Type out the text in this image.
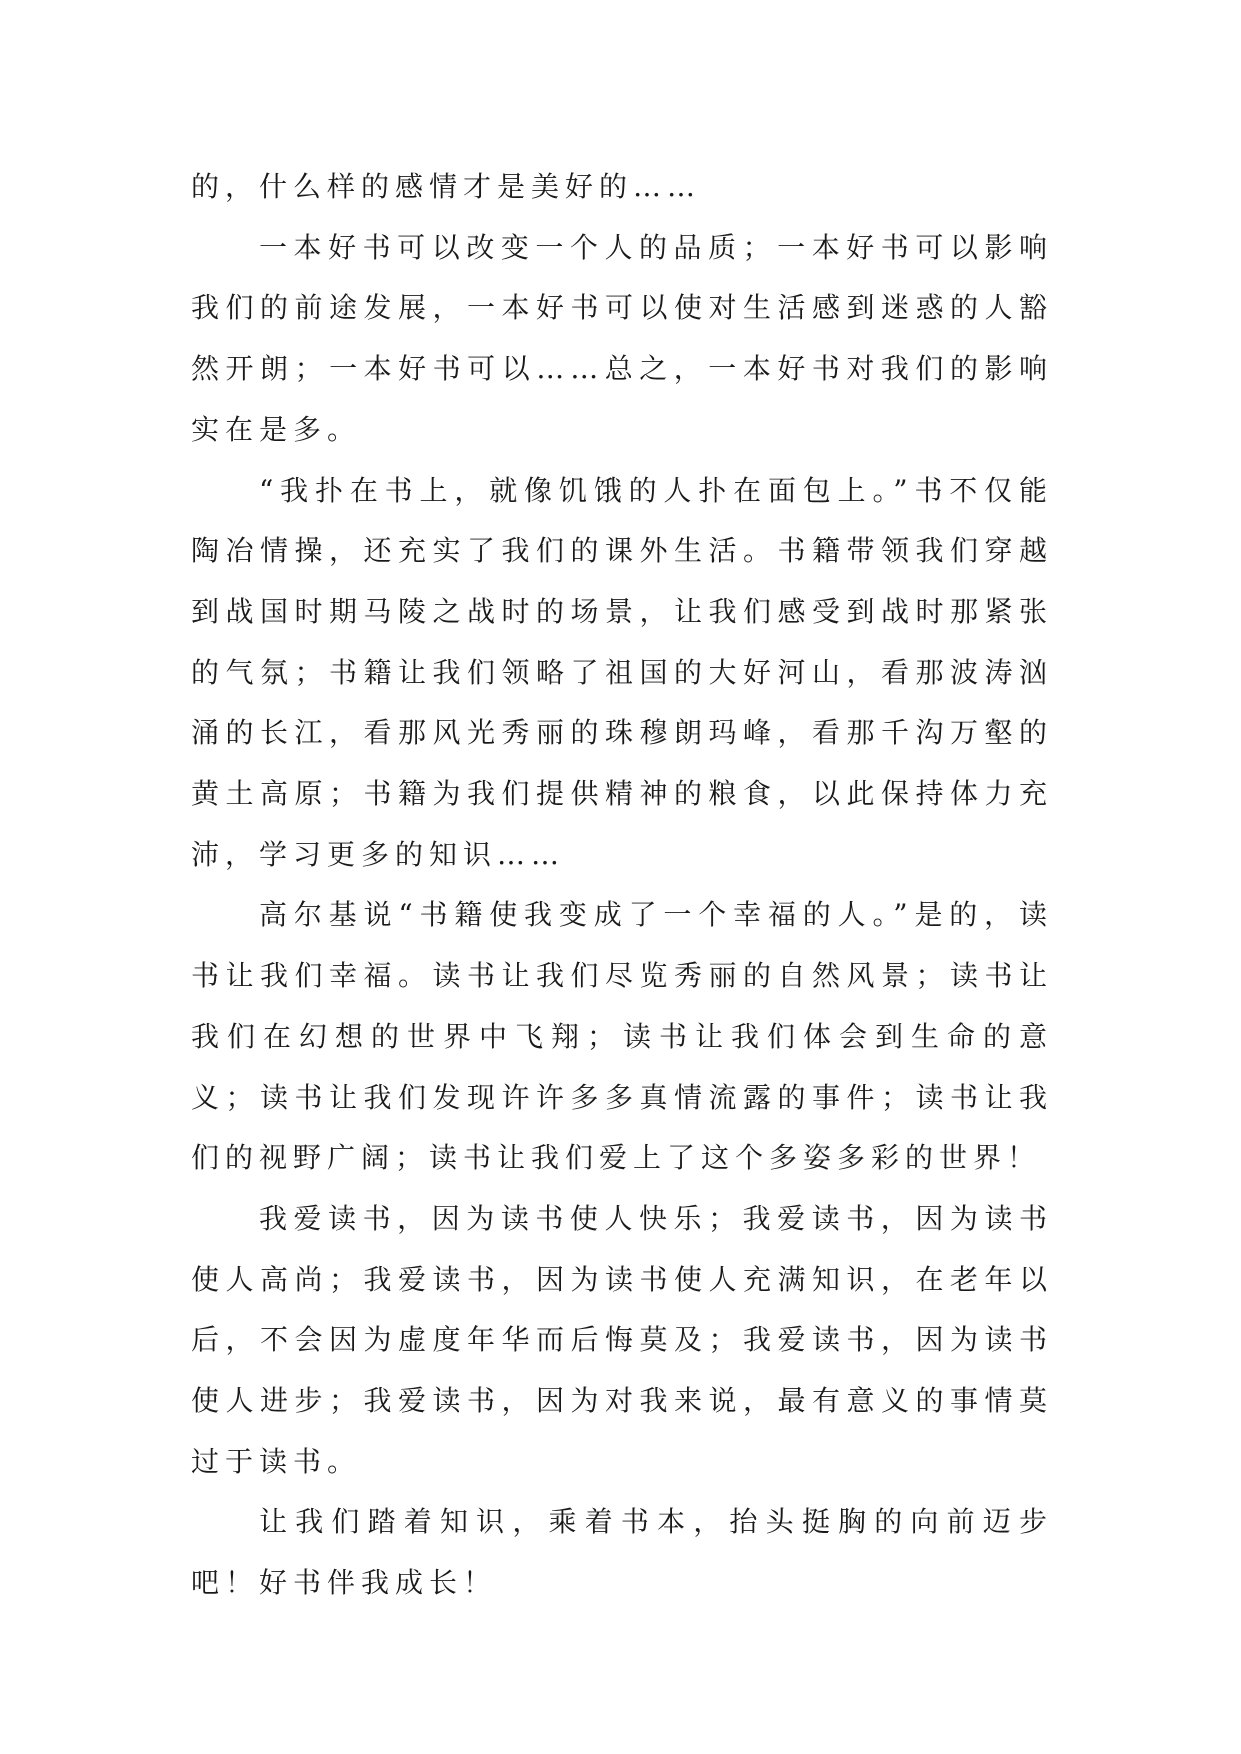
的，什么样的感情才是美好的……

一本好书可以改变一个人的品质；一本好书可以影响我们的前途发展，一本好书可以使对生活感到迷惑的人豁然开朗；一本好书可以……总之，一本好书对我们的影响实在是多。

“我扑在书上，就像饥饿的人扑在面包上。”书不仅能陶冶情操，还充实了我们的课外生活。书籍带领我们穿越到战国时期马陵之战时的场景，让我们感受到战时那紧张的气氛；书籍让我们领略了祖国的大好河山，看那波涛汹涌的长江，看那风光秀丽的珠穆朗玛峰，看那千沟万壑的黄土高原；书籍为我们提供精神的粮食，以此保持体力充沛，学习更多的知识……

高尔基说“书籍使我变成了一个幸福的人。”是的，读书让我们幸福。读书让我们尽览秀丽的自然风景；读书让我们在幻想的世界中飞翔；读书让我们体会到生命的意义；读书让我们发现许许多多真情流露的事件；读书让我们的视野广阔；读书让我们爱上了这个多姿多彩的世界！

我爱读书，因为读书使人快乐；我爱读书，因为读书使人高尚；我爱读书，因为读书使人充满知识，在老年以后，不会因为虚度年华而后悔莫及；我爱读书，因为读书使人进步；我爱读书，因为对我来说，最有意义的事情莫过于读书。

让我们踏着知识，乘着书本，抬头挺胸的向前迈步吧！好书伴我成长！
